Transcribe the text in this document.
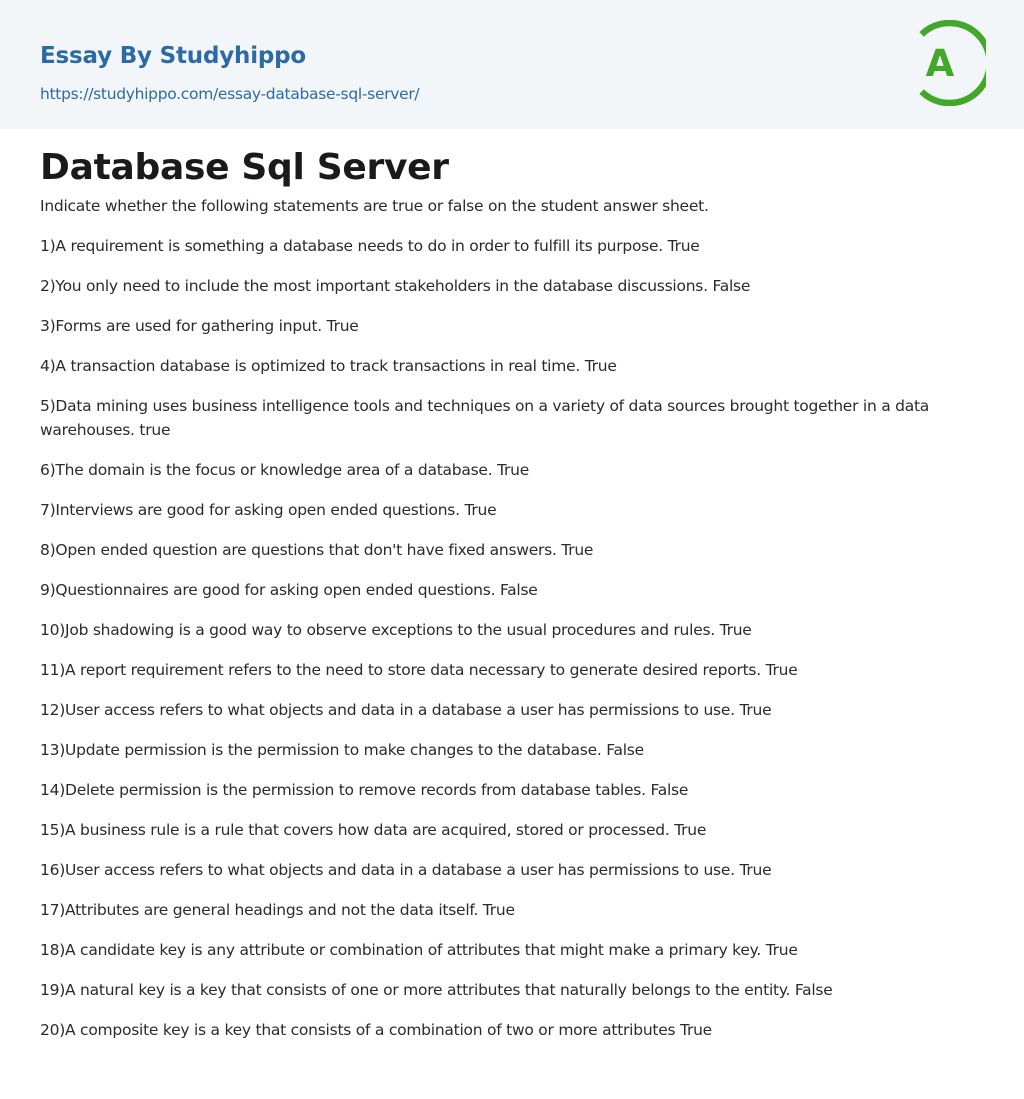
Essay By Studyhippo
https://studyhippo.com/essay-database-sql-server/
A
Database Sql Server

Indicate whether the following statements are true or false on the student answer sheet.

1)A requirement is something a database needs to do in order to fulfill its purpose. True

2)You only need to include the most important stakeholders in the database discussions. False

3)Forms are used for gathering input. True

4)A transaction database is optimized to track transactions in real time. True

5)Data mining uses business intelligence tools and techniques on a variety of data sources brought together in a data warehouses. true

6)The domain is the focus or knowledge area of a database. True

7)Interviews are good for asking open ended questions. True

8)Open ended question are questions that don't have fixed answers. True

9)Questionnaires are good for asking open ended questions. False

10)Job shadowing is a good way to observe exceptions to the usual procedures and rules. True

11)A report requirement refers to the need to store data necessary to generate desired reports. True

12)User access refers to what objects and data in a database a user has permissions to use. True

13)Update permission is the permission to make changes to the database. False

14)Delete permission is the permission to remove records from database tables. False

15)A business rule is a rule that covers how data are acquired, stored or processed. True

16)User access refers to what objects and data in a database a user has permissions to use. True

17)Attributes are general headings and not the data itself. True

18)A candidate key is any attribute or combination of attributes that might make a primary key. True

19)A natural key is a key that consists of one or more attributes that naturally belongs to the entity. False

20)A composite key is a key that consists of a combination of two or more attributes True
